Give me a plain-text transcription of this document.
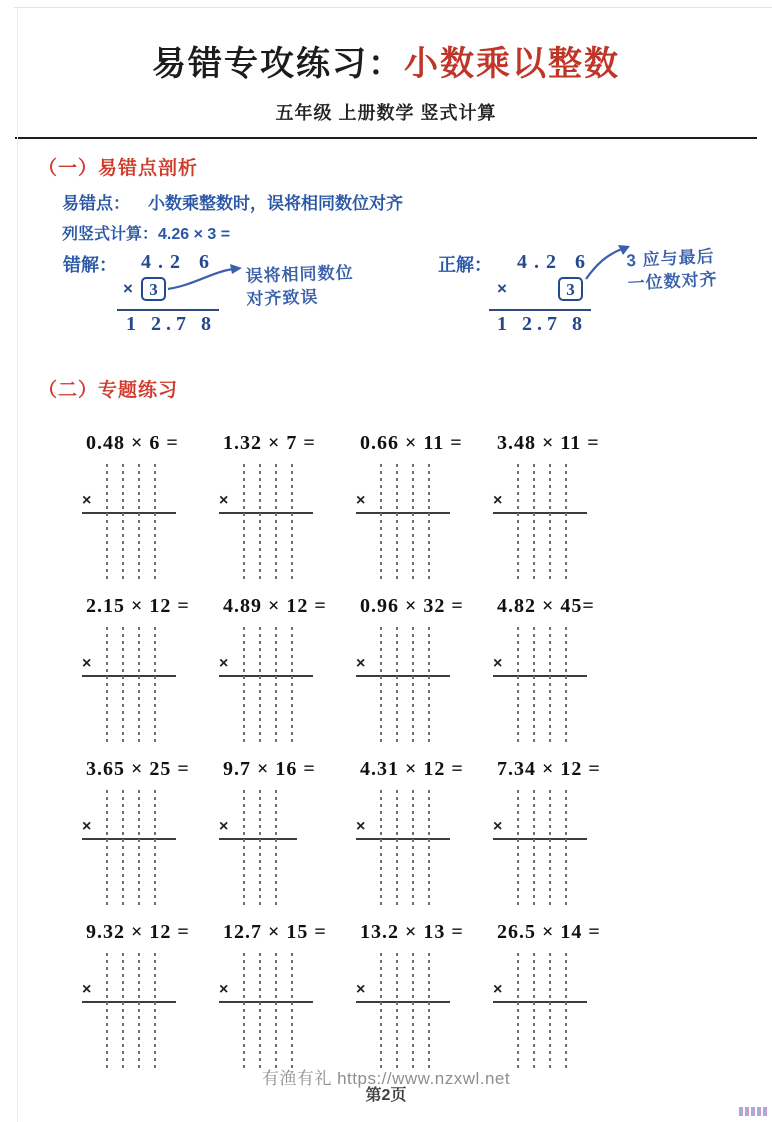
易错专攻练习：小数乘以整数
五年级 上册数学 竖式计算
（一）易错点剖析
易错点： 小数乘整数时，误将相同数位对齐
列竖式计算：4.26 × 3 =
错解： 4.2 6
× 3
1 2.7 8
误将相同数位
对齐致误
正解： 4.2 6
×	3
1 2.7 8
3 应与最后
一位数对齐
（二）专题练习
0.48 × 6 =
×
1.32 × 7 =
×
0.66 × 11 =
×
3.48 × 11 =
×
2.15 × 12 =
×
4.89 × 12 =
×
0.96 × 32 =
×
4.82 × 45=
×
3.65 × 25 =
×
9.7 × 16 =
×
4.31 × 12 =
×
7.34 × 12 =
×
9.32 × 12 =
×
12.7 × 15 =
×
13.2 × 13 =
×
26.5 × 14 =
×
有渔有礼 https://www.nzxwl.net
第2页
